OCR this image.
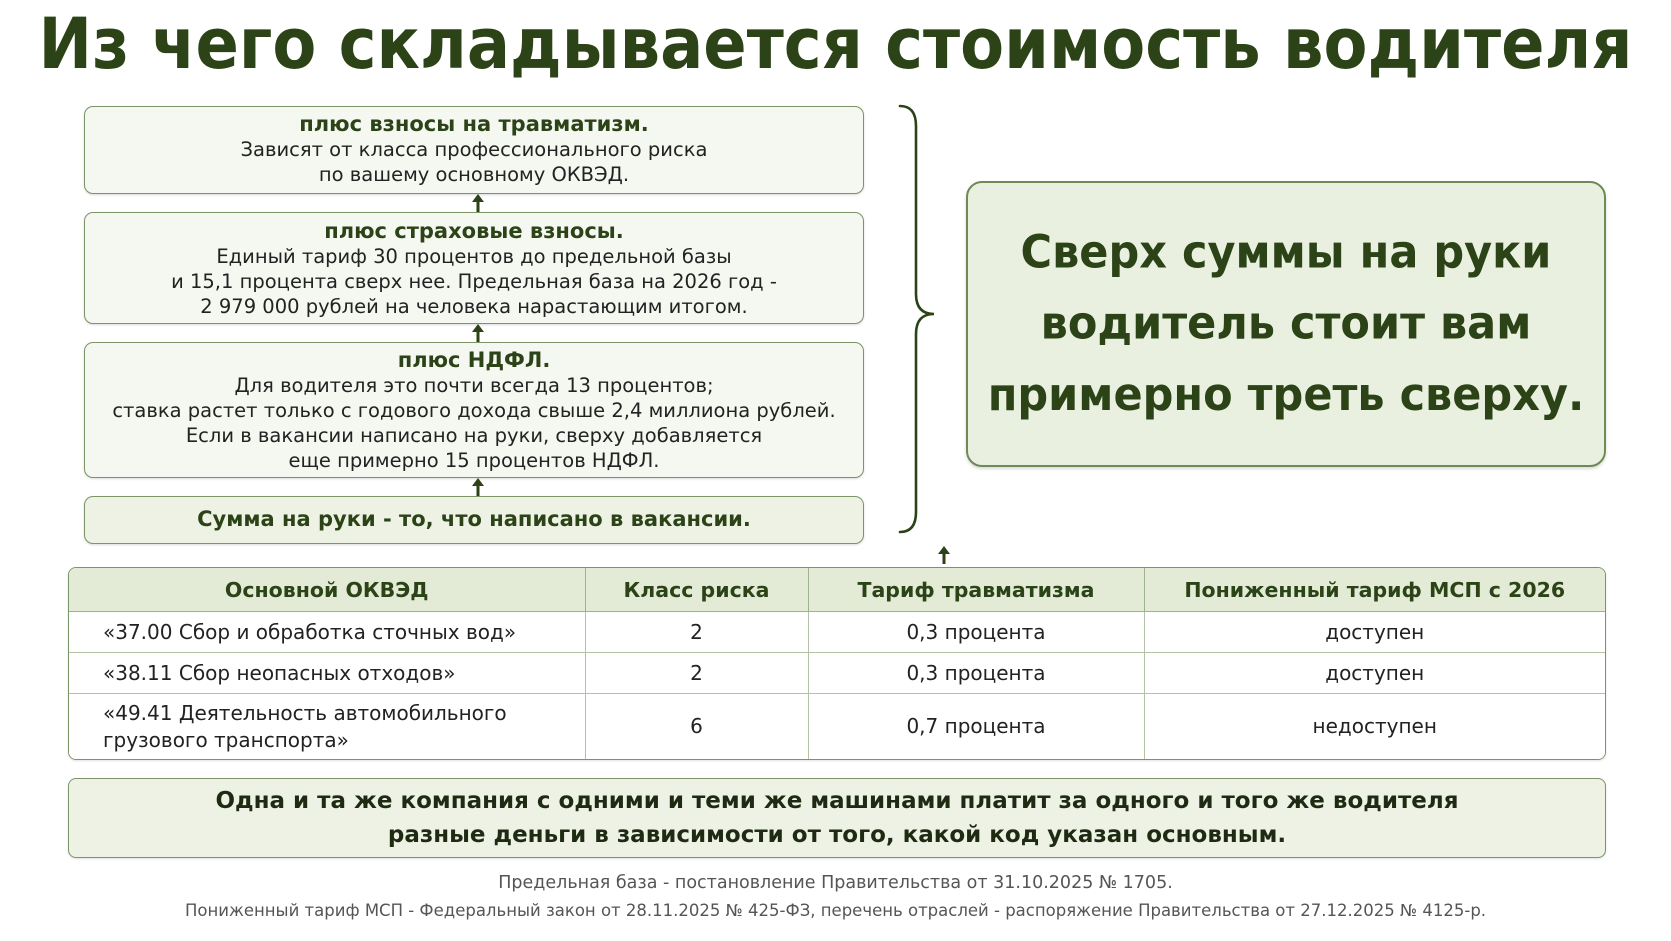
Из чего складывается стоимость водителя
плюс взносы на травматизм.
Зависят от класса профессионального риска
по вашему основному ОКВЭД.
плюс страховые взносы.
Единый тариф 30 процентов до предельной базы
и 15,1 процента сверх нее. Предельная база на 2026 год -
2 979 000 рублей на человека нарастающим итогом.
плюс НДФЛ.
Для водителя это почти всегда 13 процентов;
ставка растет только с годового дохода свыше 2,4 миллиона рублей.
Если в вакансии написано на руки, сверху добавляется
еще примерно 15 процентов НДФЛ.
Сумма на руки - то, что написано в вакансии.
Сверх суммы на руки
водитель стоит вам
примерно треть сверху.
Основной ОКВЭД	Класс риска	Тариф травматизма	Пониженный тариф МСП с 2026
«37.00 Сбор и обработка сточных вод»	2	0,3 процента	доступен
«38.11 Сбор неопасных отходов»	2	0,3 процента	доступен

«49.41 Деятельность автомобильного
грузового транспорта»	6	0,7 процента	недоступен
Одна и та же компания с одними и теми же машинами платит за одного и того же водителя
разные деньги в зависимости от того, какой код указан основным.
Предельная база - постановление Правительства от 31.10.2025 № 1705.
Пониженный тариф МСП - Федеральный закон от 28.11.2025 № 425-ФЗ, перечень отраслей - распоряжение Правительства от 27.12.2025 № 4125-р.
